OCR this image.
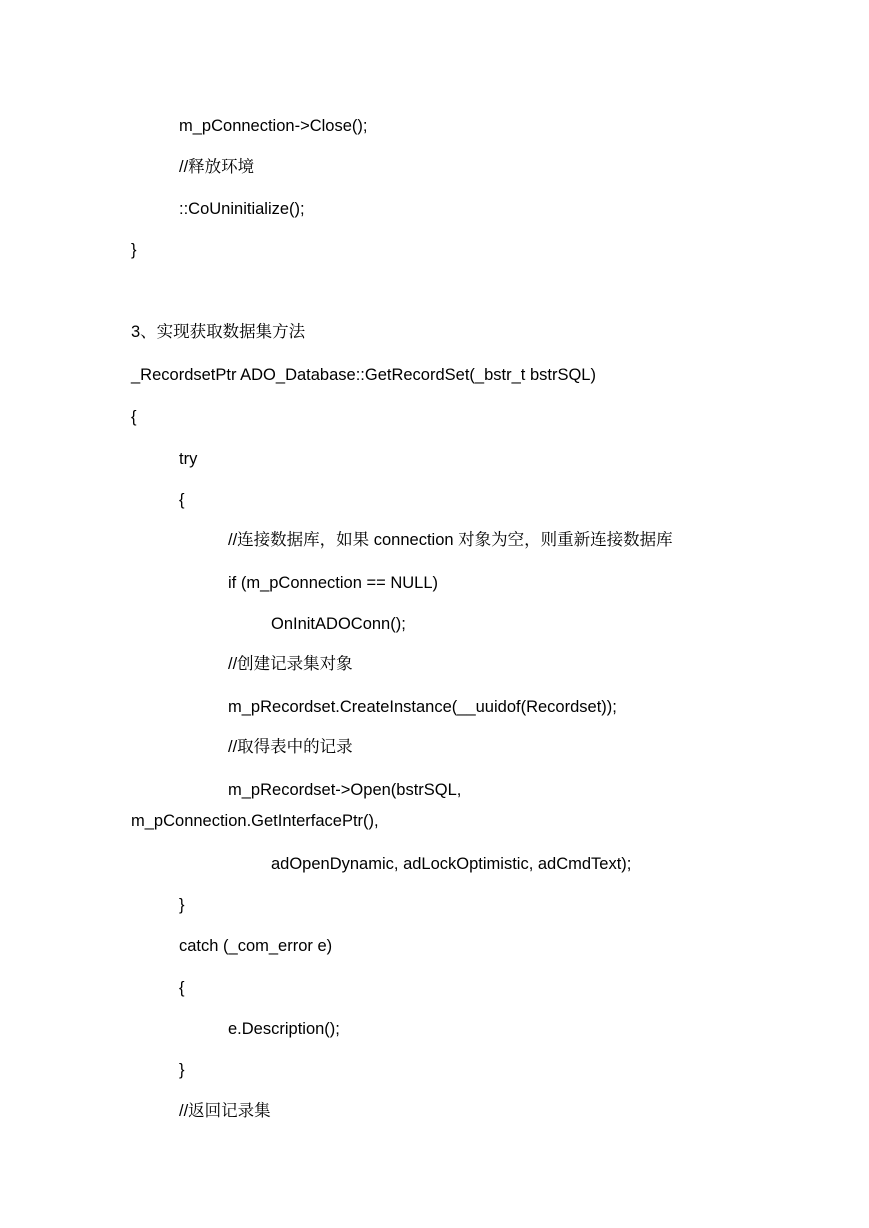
m_pConnection->Close();
//释放环境
::CoUninitialize();
}
3、实现获取数据集方法
_RecordsetPtr ADO_Database::GetRecordSet(_bstr_t bstrSQL)
{
try
{
//连接数据库，如果 connection 对象为空，则重新连接数据库
if (m_pConnection == NULL)
OnInitADOConn();
//创建记录集对象
m_pRecordset.CreateInstance(__uuidof(Recordset));
//取得表中的记录
m_pRecordset->Open(bstrSQL,
m_pConnection.GetInterfacePtr(),
adOpenDynamic, adLockOptimistic, adCmdText);
}
catch (_com_error e)
{
e.Description();
}
//返回记录集
